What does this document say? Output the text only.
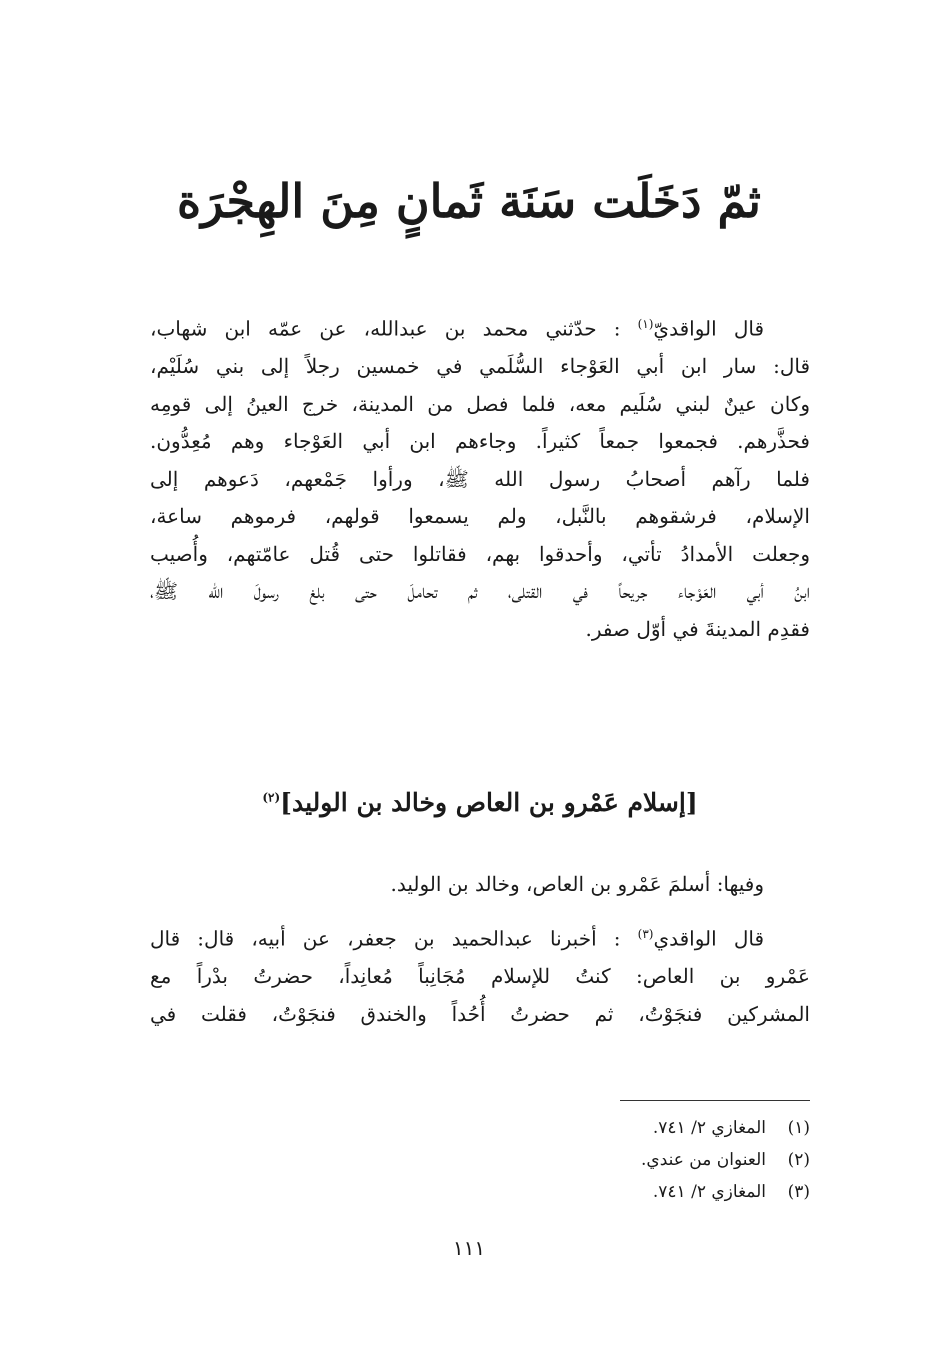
ثمّ دَخَلَت سَنَة ثَمانٍ مِنَ الهِجْرَة
قال الواقديّ$^{(١)}$ : حدّثني محمد بن عبدالله، عن عمّه ابن شهاب،
قال: سار ابن أبي العَوْجاء السُّلَمي في خمسين رجلاً إلى بني سُلَيْم،
وكان عينٌ لبني سُلَيم معه، فلما فصل من المدينة، خرج العينُ إلى قومِه
فحذَّرهم. فجمعوا جمعاً كثيراً. وجاءهم ابن أبي العَوْجاء وهم مُعِدُّون.
فلما رآهم أصحابُ رسول الله ﷺ، ورأوا جَمْعهم، دَعوهم إلى
الإسلام، فرشقوهم بالنَّبل، ولم يسمعوا قولهم، فرموهم ساعة،
وجعلت الأمدادُ تأتي، وأحدقوا بهم، فقاتلوا حتى قُتل عامّتهم، وأُصيب
ابنُ أبي العَوْجاء جريحاً في القتلى، ثم تحاملَ حتى بلغ رسولَ الله ﷺ،
فقدِم المدينةَ في أوّل صفر.
[إسلام عَمْرو بن العاص وخالد بن الوليد]$^{(٢)}$
وفيها: أسلمَ عَمْرو بن العاص، وخالد بن الوليد.
قال الواقدي$^{(٣)}$ : أخبرنا عبدالحميد بن جعفر، عن أبيه، قال: قال
عَمْرو بن العاص: كنتُ للإسلام مُجَانِباً مُعانِداً، حضرتُ بدْراً مع
المشركين فنجَوْتُ، ثم حضرتُ أُحُداً والخندق فنجَوْتُ، فقلت في
(١)المغازي ٢/ ٧٤١.
(٢)العنوان من عندي.
(٣)المغازي ٢/ ٧٤١.
١١١
